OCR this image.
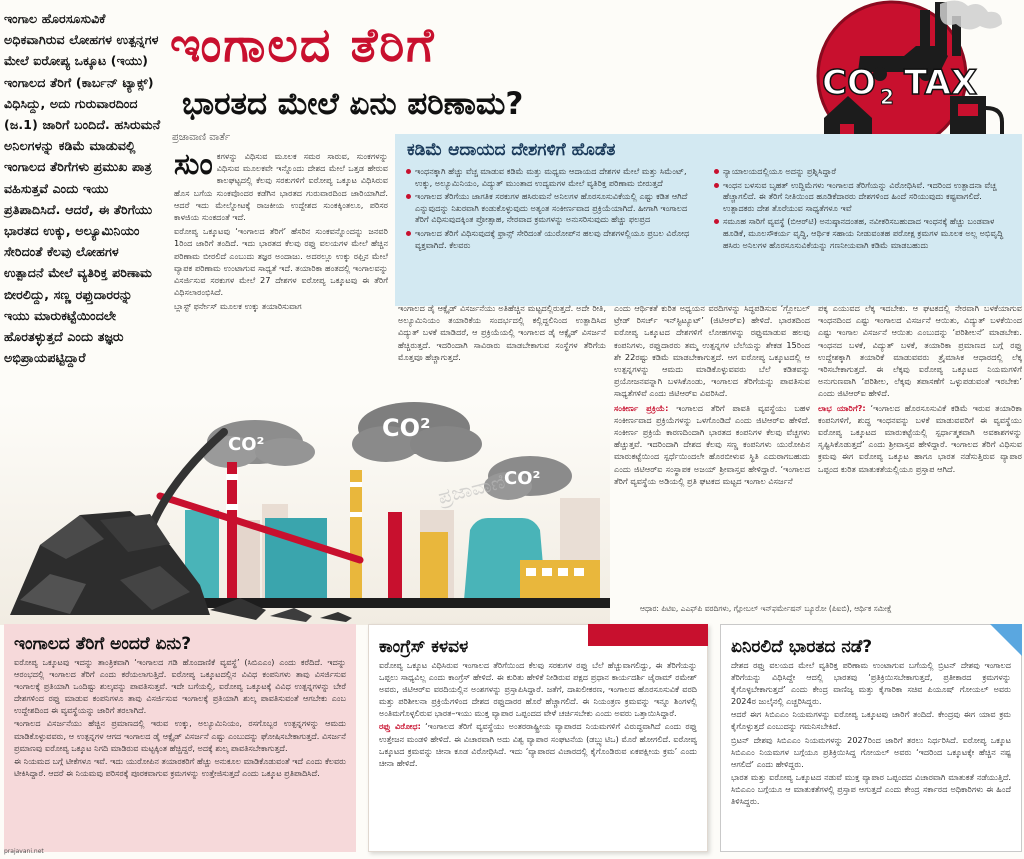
ಇಂಗಾಲ ಹೊರಸೂಸುವಿಕೆ ಅಧಿಕವಾಗಿರುವ ಲೋಹಗಳ ಉತ್ಪನ್ನಗಳ ಮೇಲೆ ಐರೋಪ್ಯ ಒಕ್ಕೂಟ (ಇಯು) ಇಂಗಾಲದ ತೆರಿಗೆ (ಕಾರ್ಬನ್ ಟ್ಯಾಕ್ಸ್) ವಿಧಿಸಿದ್ದು, ಅದು ಗುರುವಾರದಿಂದ (ಜ.1) ಜಾರಿಗೆ ಬಂದಿದೆ. ಹಸಿರುಮನೆ ಅನಿಲಗಳನ್ನು ಕಡಿಮೆ ಮಾಡುವಲ್ಲಿ ಇಂಗಾಲದ ತೆರಿಗೆಗಳು ಪ್ರಮುಖ ಪಾತ್ರ ವಹಿಸುತ್ತವೆ ಎಂದು ಇಯು ಪ್ರತಿಪಾದಿಸಿದೆ. ಆದರೆ, ಈ ತೆರಿಗೆಯು ಭಾರತದ ಉಕ್ಕು, ಅಲ್ಯೂಮಿನಿಯಂ ಸೇರಿದಂತೆ ಕೆಲವು ಲೋಹಗಳ ಉತ್ಪಾದನೆ ಮೇಲೆ ವ್ಯತಿರಿಕ್ತ ಪರಿಣಾಮ ಬೀರಲಿದ್ದು, ಸಣ್ಣ ರಫ್ತುದಾರರನ್ನು ಇಯು ಮಾರುಕಟ್ಟೆಯಿಂದಲೇ ಹೊರತಳ್ಳುತ್ತದೆ ಎಂದು ತಜ್ಞರು ಅಭಿಪ್ರಾಯಪಟ್ಟಿದ್ದಾರೆ

ಇಂಗಾಲದ ತೆರಿಗೆ
ಭಾರತದ ಮೇಲೆ ಏನು ಪರಿಣಾಮ?
CO 2 TAX
ಪ್ರಜಾವಾಣಿ ವಾರ್ತೆ

ಸುಂಕಗಳನ್ನು ವಿಧಿಸುವ ಮೂಲಕ ಸಮರ ಸಾರುವ, ಸುಂಕಗಳನ್ನು ವಿಧಿಸುವ ಮೂಲಕವೇ ಇನ್ನೊಂದು ದೇಶದ ಮೇಲೆ ಒತ್ತಡ ಹೇರುವ ಕಾಲಘಟ್ಟದಲ್ಲಿ ಕೆಲವು ಸರಕುಗಳಿಗೆ ಐರೋಪ್ಯ ಒಕ್ಕೂಟ ವಿಧಿಸಿರುವ ಹೊಸ ಬಗೆಯ ಸುಂಕವೊಂದರ ಕಡೆಗಿನ ಭಾರತದ ಗುರುವಾರದಿಂದ ಜಾರಿಯಾಗಿದೆ. ಆದರೆ ಇದು ಮೇಲ್ನೋಟಕ್ಕೆ ರಾಜಕೀಯ ಉದ್ದೇಶದ ಸುಂಕಕ್ಕಿಂತಲೂ, ಪರಿಸರ ಕಾಳಜಿಯ ಸುಂಕದಂತೆ ಇದೆ.

ಐರೋಪ್ಯ ಒಕ್ಕೂಟವು ‘ಇಂಗಾಲದ ತೆರಿಗೆ’ ಹೆಸರಿನ ಸುಂಕವನ್ನೊಂದನ್ನು ಜನವರಿ 1ರಿಂದ ಜಾರಿಗೆ ತಂದಿದೆ. ಇದು ಭಾರತದ ಕೆಲವು ರಫ್ತು ವಲಯಗಳ ಮೇಲೆ ಹೆಚ್ಚಿನ ಪರಿಣಾಮ ಬೀರಲಿದೆ ಎಂಬುದು ತಜ್ಞರ ಅಂದಾಜು. ಅದರಲ್ಲೂ ಉಕ್ಕು ರಫ್ತಿನ ಮೇಲೆ ವ್ಯಾಪಕ ಪರಿಣಾಮ ಉಂಟಾಗುವ ಸಾಧ್ಯತೆ ಇದೆ. ತಯಾರಿಕಾ ಹಂತದಲ್ಲಿ ಇಂಗಾಲವನ್ನು ವಿಸರ್ಜಿಸುವ ಸರಕುಗಳ ಮೇಲೆ 27 ದೇಶಗಳ ಐರೋಪ್ಯ ಒಕ್ಕೂಟವು ಈ ತೆರಿಗೆ ವಿಧಿಸಲಾರಂಭಿಸಿದೆ.

ಬ್ಲಾಸ್ಟ್ ಫರ್ನೇಸ್ ಮೂಲಕ ಉಕ್ಕು ತಯಾರಿಸುವಾಗ

ಕಡಿಮೆ ಆದಾಯದ ದೇಶಗಳಿಗೆ ಹೊಡೆತ
ಇಂಧನಕ್ಕಾಗಿ ಹೆಚ್ಚು ವೆಚ್ಚ ಮಾಡುವ ಕಡಿಮೆ ಮತ್ತು ಮಧ್ಯಮ ಆದಾಯದ ದೇಶಗಳ ಮೇಲೆ ಮತ್ತು ಸಿಮೆಂಟ್, ಉಕ್ಕು, ಅಲ್ಯೂಮಿನಿಯಂ, ವಿದ್ಯುತ್ ಮುಂತಾದ ಉದ್ಯಮಗಳ ಮೇಲೆ ವ್ಯತಿರಿಕ್ತ ಪರಿಣಾಮ ಬೀರುತ್ತದೆ
ಇಂಗಾಲದ ತೆರಿಗೆಯು ಜಾಗತಿಕ ಸರಕುಗಳ ಹಸಿರುಮನೆ ಅನಿಲಗಳ ಹೊರಸೂಸುವಿಕೆಯಲ್ಲಿ ಎಷ್ಟು ಕಡಿತ ಆಗಿದೆ ಎನ್ನುವುದನ್ನು ನಿಖರವಾಗಿ ಕಂಡುಕೊಳ್ಳುವುದು ಅತ್ಯಂತ ಸಂಕೀರ್ಣವಾದ ಪ್ರಕ್ರಿಯೆಯಾಗಿದೆ. ಹೀಗಾಗಿ ಇಂಗಾಲದ ತೆರಿಗೆ ವಿಧಿಸುವುದಕ್ಕಿಂತ ಪ್ರೋತ್ಸಾಹ, ನೇರವಾದ ಕ್ರಮಗಳನ್ನು ಅನುಸರಿಸುವುದು ಹೆಚ್ಚು ಫಲಪ್ರದ
ಇಂಗಾಲದ ತೆರಿಗೆ ವಿಧಿಸುವುದಕ್ಕೆ ಫ್ರಾನ್ಸ್ ಸೇರಿದಂತೆ ಯುರೋಪ್‌ನ ಹಲವು ದೇಶಗಳಲ್ಲಿಯೂ ಪ್ರಬಲ ವಿರೋಧ ವ್ಯಕ್ತವಾಗಿದೆ. ಕೆಲವರು
ನ್ಯಾಯಾಲಯದಲ್ಲಿಯೂ ಅದನ್ನು ಪ್ರಶ್ನಿಸಿದ್ದಾರೆ
ಇಂಧನ ಬಳಸುವ ಬೃಹತ್ ಉದ್ದಿಮೆಗಳು ಇಂಗಾಲದ ತೆರಿಗೆಯನ್ನು ವಿರೋಧಿಸಿವೆ. ಇದರಿಂದ ಉತ್ಪಾದನಾ ವೆಚ್ಚ ಹೆಚ್ಚಾಗಲಿದೆ. ಈ ತೆರಿಗೆ ನೀತಿಯಿಂದ ಹೂಡಿಕೆದಾರರು ದೇಶಗಳಿಂದ ಹಿಂದೆ ಸರಿಯುವುದು ಕಷ್ಟವಾಗಲಿದೆ. ಉತ್ಪಾದಕರು ದೇಶ ತೊರೆಯುವ ಸಾಧ್ಯತೆಗಳೂ ಇವೆ
ಸಮೂಹ ಸಾರಿಗೆ ವ್ಯವಸ್ಥೆ (ಬಿಆರ್‌ಟಿ) ಅನುಷ್ಠಾನದಂತಹ, ನವೀಕರಿಸಬಹುದಾದ ಇಂಧನಕ್ಕೆ ಹೆಚ್ಚು ಬಂಡವಾಳ ಹೂಡಿಕೆ, ಮೂಲಸೌಕರ್ಯ ವೃದ್ಧಿ, ಆರ್ಥಿಕ ಸಹಾಯ ನೀಡುವಂತಹ ಪರೋಕ್ಷ ಕ್ರಮಗಳ ಮೂಲಕ ಅಲ್ಲ ಅಭಿವೃದ್ಧಿ ಹಸಿರು ಅನಿಲಗಳ ಹೊರಸೂಸುವಿಕೆಯನ್ನು ಗಣನೀಯವಾಗಿ ಕಡಿಮೆ ಮಾಡಬಹುದು

ಇಂಗಾಲದ ಡೈ ಆಕ್ಸೈಡ್ ವಿಸರ್ಜನೆಯು ಅತಿಹೆಚ್ಚಿನ ಮಟ್ಟದಲ್ಲಿರುತ್ತದೆ. ಅದೇ ರೀತಿ, ಅಲ್ಯೂಮಿನಿಯಂ ತಯಾರಿಕೆಯ ಸಂದರ್ಭದಲ್ಲಿ ಕಲ್ಲಿದ್ದಲಿನಿಂದ ಉತ್ಪಾದಿಸಿದ ವಿದ್ಯುತ್ ಬಳಕೆ ಮಾಡಿದರೆ, ಆ ಪ್ರಕ್ರಿಯೆಯಲ್ಲಿ ಇಂಗಾಲದ ಡೈ ಆಕ್ಸೈಡ್ ವಿಸರ್ಜನೆ ಹೆಚ್ಚಿರುತ್ತದೆ. ಇದರಿಂದಾಗಿ ಸಾವಿರಾರು ಮಾಡಬೇಕಾಗುವ ಸಂಸ್ಥೆಗಳ ತೆರಿಗೆಯ ಮೊತ್ತವೂ ಹೆಚ್ಚಾಗುತ್ತದೆ.

ಎಂದು ಆರ್ಥಿಕತೆ ಕುರಿತ ಅಧ್ಯಯನ ವರದಿಗಳನ್ನು ಸಿದ್ಧಪಡಿಸುವ ‘ಗ್ಲೋಬಲ್ ಟ್ರೇಡ್ ರಿಸರ್ಚ್ ಇನ್‌ಸ್ಟಿಟ್ಯೂಟ್’ (ಜಿಟಿಆರ್‌ಐ) ಹೇಳಿದೆ. ಭಾರತದಿಂದ ಐರೋಪ್ಯ ಒಕ್ಕೂಟದ ದೇಶಗಳಿಗೆ ಲೋಹಗಳನ್ನು ರಫ್ತುಮಾಡುವ ಹಲವು ಕಂಪನಿಗಳು, ರಫ್ತುದಾರರು ತಮ್ಮ ಉತ್ಪನ್ನಗಳ ಬೆಲೆಯನ್ನು ಶೇಕಡ 15ರಿಂದ ಶೇ 22ರಷ್ಟು ಕಡಿಮೆ ಮಾಡಬೇಕಾಗುತ್ತದೆ. ಆಗ ಐರೋಪ್ಯ ಒಕ್ಕೂಟದಲ್ಲಿ ಆ ಉತ್ಪನ್ನಗಳನ್ನು ಆಮದು ಮಾಡಿಕೊಳ್ಳುವವರು ಬೆಲೆ ಕಡಿತವನ್ನು ಪ್ರಯೋಜನವನ್ನಾಗಿ ಬಳಸಿಕೊಂಡು, ಇಂಗಾಲದ ತೆರಿಗೆಯನ್ನು ಪಾವತಿಸುವ ಸಾಧ್ಯತೆಗಳಿವೆ ಎಂದು ಜಿಟಿಆರ್‌ಐ ವಿವರಿಸಿದೆ.

ಸಂಕೀರ್ಣ ಪ್ರಕ್ರಿಯೆ: ಇಂಗಾಲದ ತೆರಿಗೆ ಪಾವತಿ ವ್ಯವಸ್ಥೆಯು ಬಹಳ ಸಂಕೀರ್ಣವಾದ ಪ್ರಕ್ರಿಯೆಗಳನ್ನು ಒಳಗೊಂಡಿದೆ ಎಂದು ಜಿಟಿಆರ್‌ಐ ಹೇಳಿದೆ. ಸಂಕೀರ್ಣ ಪ್ರಕ್ರಿಯೆ ಕಾರಣದಿಂದಾಗಿ ಭಾರತದ ಕಂಪನಿಗಳ ಕೆಲವು ವೆಚ್ಚಗಳು ಹೆಚ್ಚುತ್ತವೆ. ಇದರಿಂದಾಗಿ ದೇಶದ ಕೆಲವು ಸಣ್ಣ ಕಂಪನಿಗಳು ಯುರೋಪಿನ ಮಾರುಕಟ್ಟೆಯಿಂದ ಸ್ಪರ್ಧೆಯಿಂದಲೇ ಹೊರಬೀಳುವ ಸ್ಥಿತಿ ಎದುರಾಗಬಹುದು ಎಂದು ಜಿಟಿಆರ್‌ಐ ಸಂಸ್ಥಾಪಕ ಅಜಯ್ ಶ್ರೀವಾಸ್ತವ ಹೇಳಿದ್ದಾರೆ. ‘ಇಂಗಾಲದ ತೆರಿಗೆ ವ್ಯವಸ್ಥೆಯ ಅಡಿಯಲ್ಲಿ ಪ್ರತಿ ಘಟಕದ ಮಟ್ಟದ ಇಂಗಾಲ ವಿಸರ್ಜನೆ

ಪಕ್ಕ ಎಯುವದ ಲೆಕ್ಕ ಇದಬೇಕು. ಆ ಘಟಕದಲ್ಲಿ ನೇರವಾಗಿ ಬಳಕೆಯಾಗುವ ಇಂಧನದಿಂದ ಎಷ್ಟು ಇಂಗಾಲದ ವಿಸರ್ಜನೆ ಆಯಿತು, ವಿದ್ಯುತ್ ಬಳಕೆಯಿಂದ ಎಷ್ಟು ಇಂಗಾಲ ವಿಸರ್ಜನೆ ಆಯಿತು ಎಂಬುದನ್ನು ‘ಪರಿಶೀಲನೆ’ ಮಾಡಬೇಕು. ಇಂಧನದ ಬಳಕೆ, ವಿದ್ಯುತ್ ಬಳಕೆ, ತಯಾರಿಕಾ ಪ್ರಮಾಣದ ಬಗ್ಗೆ ರಫ್ತು ಉದ್ದೇಶಕ್ಕಾಗಿ ತಯಾರಿಕೆ ಮಾಡುವವರು ತ್ರೈಮಾಸಿಕ ಆಧಾರದಲ್ಲಿ ಲೆಕ್ಕ ಇರಿಸಬೇಕಾಗುತ್ತದೆ. ಈ ಲೆಕ್ಕವು ಐರೋಪ್ಯ ಒಕ್ಕೂಟದ ನಿಯಮಗಳಿಗೆ ಅನುಗುಣವಾಗಿ ‘ಪರಿಶೀಲ, ಲೆಕ್ಕವು ತಪಾಸಣೆಗೆ ಒಳ್ಳುಪಡುವಂತೆ ಇರಬೇಕು’ ಎಂದು ಜಿಟಿಆರ್‌ಐ ಹೇಳಿದೆ.

ಲಾಭ ಯಾರಿಗೆ?: ‘ಇಂಗಾಲದ ಹೊರಸೂಸುವಿಕೆ ಕಡಿಮೆ ಇರುವ ತಯಾರಿಕಾ ಕಂಪನಿಗಳಿಗೆ, ಶುದ್ಧ ಇಂಧನವನ್ನು ಬಳಕೆ ಮಾಡುವವರಿಗೆ ಈ ವ್ಯವಸ್ಥೆಯು ಐರೋಪ್ಯ ಒಕ್ಕೂಟದ ಮಾರುಕಟ್ಟೆಯಲ್ಲಿ ಸ್ಪರ್ಧಾತ್ಮಕವಾಗಿ ಅವಕಾಶಗಳನ್ನು ಸೃಷ್ಟಿಸಿಕೊಡುತ್ತದೆ’ ಎಂದು ಶ್ರೀವಾಸ್ತವ ಹೇಳಿದ್ದಾರೆ. ಇಂಗಾಲದ ತೆರಿಗೆ ವಿಧಿಸುವ ಕ್ರಮವು ಈಗ ಐರೋಪ್ಯ ಒಕ್ಕೂಟ ಹಾಗೂ ಭಾರತ ನಡೆಸುತ್ತಿರುವ ವ್ಯಾಪಾರ ಒಪ್ಪಂದ ಕುರಿತ ಮಾತುಕತೆಯಲ್ಲಿಯೂ ಪ್ರಸ್ತಾಪ ಆಗಿದೆ.

CO²
CO²
CO²
ಪ್ರಜಾವಾಣಿ
ಆಧಾರ: ಪಿಟಿಐ, ಎಎಫ್‌ಪಿ ವರದಿಗಳು, ಗ್ಲೋಬಲ್ ಇನ್‌ಫರ್ಮೇಷನ್ ಬ್ಯೂರೋ (ಪಿಐಬಿ), ಆರ್ಥಿಕ ಸಮೀಕ್ಷೆ
ಇಂಗಾಲದ ತೆರಿಗೆ ಅಂದರೆ ಏನು?

ಐರೋಪ್ಯ ಒಕ್ಕೂಟವು ಇದನ್ನು ತಾಂತ್ರಿಕವಾಗಿ ‘ಇಂಗಾಲದ ಗಡಿ ಹೊಂದಾಣಿಕೆ ವ್ಯವಸ್ಥೆ’ (ಸಿಬಿಎಎಂ) ಎಂದು ಕರೆದಿದೆ. ಇದನ್ನು ಆರಂಭದಲ್ಲಿ ಇಂಗಾಲದ ತೆರಿಗೆ ಎಂದು ಕರೆಯಲಾಗುತ್ತಿದೆ. ಐರೋಪ್ಯ ಒಕ್ಕೂಟದಲ್ಲಿನ ವಿವಿಧ ಕಂಪನಿಗಳು ತಾವು ವಿಸರ್ಜಿಸುವ ಇಂಗಾಲಕ್ಕೆ ಪ್ರತಿಯಾಗಿ ಒಂದಿಷ್ಟು ಶುಲ್ಕವನ್ನು ಪಾವತಿಸುತ್ತವೆ. ಇದೇ ಬಗೆಯಲ್ಲಿ, ಐರೋಪ್ಯ ಒಕ್ಕೂಟಕ್ಕೆ ವಿವಿಧ ಉತ್ಪನ್ನಗಳನ್ನು ಬೇರೆ ದೇಶಗಳಿಂದ ರಫ್ತು ಮಾಡುವ ಕಂಪನಿಗಳೂ ತಾವು ವಿಸರ್ಜಿಸುವ ಇಂಗಾಲಕ್ಕೆ ಪ್ರತಿಯಾಗಿ ಶುಲ್ಕ ಪಾವತಿಸುವಂತೆ ಆಗಬೇಕು ಎಂಬ ಉದ್ದೇಶದಿಂದ ಈ ವ್ಯವಸ್ಥೆಯನ್ನು ಜಾರಿಗೆ ತರಲಾಗಿದೆ.

ಇಂಗಾಲದ ವಿಸರ್ಜನೆಯು ಹೆಚ್ಚಿನ ಪ್ರಮಾಣದಲ್ಲಿ ಇರುವ ಉಕ್ಕು, ಅಲ್ಯೂಮಿನಿಯಂ, ರಸಗೊಬ್ಬರ ಉತ್ಪನ್ನಗಳನ್ನು ಆಮದು ಮಾಡಿಕೊಳ್ಳುವವರು, ಆ ಉತ್ಪನ್ನಗಳ ಆಗದ ಇಂಗಾಲದ ಡೈ ಆಕ್ಸೈಡ್ ವಿಸರ್ಜನೆ ಎಷ್ಟು ಎಂಬುದನ್ನು ಘೋಷಿಸಬೇಕಾಗುತ್ತದೆ. ವಿಸರ್ಜನೆ ಪ್ರಮಾಣವು ಐರೋಪ್ಯ ಒಕ್ಕೂಟ ನಿಗದಿ ಮಾಡಿರುವ ಮಟ್ಟಕ್ಕಿಂತ ಹೆಚ್ಚಿದ್ದರೆ, ಅದಕ್ಕೆ ಶುಲ್ಕ ಪಾವತಿಸಬೇಕಾಗುತ್ತದೆ.

ಈ ನಿಯಮದ ಬಗ್ಗೆ ಟೀಕೆಗಳೂ ಇವೆ. ಇದು ಯುರೋಪಿನ ತಯಾರಕರಿಗೆ ಹೆಚ್ಚು ಅನುಕೂಲ ಮಾಡಿಕೊಡುವಂತೆ ಇದೆ ಎಂದು ಕೆಲವರು ಟೀಕಿಸಿದ್ದಾರೆ. ಆದರೆ ಈ ನಿಯಮವು ಪರಿಸರಕ್ಕೆ ಪೂರಕವಾಗುವ ಕ್ರಮಗಳನ್ನು ಉತ್ತೇಜಿಸುತ್ತದೆ ಎಂದು ಒಕ್ಕೂಟ ಪ್ರತಿಪಾದಿಸಿದೆ.

ಕಾಂಗ್ರೆಸ್ ಕಳವಳ

ಐರೋಪ್ಯ ಒಕ್ಕೂಟ ವಿಧಿಸಿರುವ ಇಂಗಾಲದ ತೆರಿಗೆಯಿಂದ ಕೆಲವು ಸರಕುಗಳ ರಫ್ತು ಬೆಲೆ ಹೆಚ್ಚುವಾಗಲಿದ್ದು, ಈ ತೆರಿಗೆಯನ್ನು ಒಪ್ಪಲು ಸಾಧ್ಯವಿಲ್ಲ ಎಂದು ಕಾಂಗ್ರೆಸ್ ಹೇಳಿದೆ. ಈ ಕುರಿತು ಹೇಳಿಕೆ ನೀಡಿರುವ ಪಕ್ಷದ ಪ್ರಧಾನ ಕಾರ್ಯದರ್ಶಿ ಜೈರಾಮ್ ರಮೇಶ್ ಅವರು, ಜಿಟಿಆರ್‌ಐ ವರದಿಯಲ್ಲಿನ ಅಂಶಗಳನ್ನು ಪ್ರಸ್ತಾಪಿಸಿದ್ದಾರೆ. ಜತೆಗೆ, ದಾಖಲೀಕರಣ, ಇಂಗಾಲದ ಹೊರಸೂಸುವಿಕೆ ವರದಿ ಮತ್ತು ಪರಿಶೀಲನಾ ಪ್ರಕ್ರಿಯೆಗಳಿಂದ ದೇಶದ ರಫ್ತುದಾರರ ಹೊರೆ ಹೆಚ್ಚಾಗಲಿದೆ. ಈ ನಿಯಂತ್ರಣ ಕ್ರಮವನ್ನು ಇನ್ನೂ ಶಿಂಗಳಲ್ಲಿ ಅಂತಿಮಗೊಳ್ಳಲಿರುವ ಭಾರತ–ಇಯು ಮುಕ್ತ ವ್ಯಾಪಾರ ಒಪ್ಪಂದದ ವೇಳೆ ಚರ್ಚಿಸಬೇಕು ಎಂದು ಅವರು ಒತ್ತಾಯಿಸಿದ್ದಾರೆ.

ರಫ್ತು ವಿರೋಧ: ‘ಇಂಗಾಲದ ತೆರಿಗೆ ವ್ಯವಸ್ಥೆಯು ಅಂತರರಾಷ್ಟ್ರೀಯ ವ್ಯಾಪಾರದ ನಿಯಮಗಳಿಗೆ ವಿರುದ್ಧವಾಗಿದೆ ಎಂದು ರಫ್ತು ಉತ್ತೇಜನ ಮಂಡಳಿ ಹೇಳಿದೆ. ಈ ವಿಚಾರವಾಗಿ ಅದು ವಿಶ್ವ ವ್ಯಾಪಾರ ಸಂಘಟನೆಯ (ಡಬ್ಲ್ಯುಟಿಒ) ಮೊರೆ ಹೋಗಲಿದೆ. ಐರೋಪ್ಯ ಒಕ್ಕೂಟದ ಕ್ರಮವನ್ನು ಚೀನಾ ಕೂಡ ವಿರೋಧಿಸಿದೆ. ಇದು ‘ವ್ಯಾಪಾರದ ವಿಚಾರದಲ್ಲಿ ಕೈಗೊಂಡಿರುವ ಏಕಪಕ್ಷೀಯ ಕ್ರಮ’ ಎಂದು ಚೀನಾ ಹೇಳಿದೆ.

ಏನಿರಲಿದೆ ಭಾರತದ ನಡೆ?

ದೇಶದ ರಫ್ತು ವಲಯದ ಮೇಲೆ ವ್ಯತಿರಿಕ್ತ ಪರಿಣಾಮ ಉಂಟಾಗುವ ಬಗೆಯಲ್ಲಿ ಬ್ರಿಟನ್ ದೇಶವು ಇಂಗಾಲದ ತೆರಿಗೆಯನ್ನು ವಿಧಿಸಿದ್ದೇ ಆದಲ್ಲಿ ಭಾರತವು ‘ಪ್ರತಿಕ್ರಿಯಿಸಬೇಕಾಗುತ್ತದೆ, ಪ್ರತೀಕಾರದ ಕ್ರಮಗಳನ್ನು ಕೈಗೊಳ್ಳಬೇಕಾಗುತ್ತದೆ’ ಎಂದು ಕೇಂದ್ರ ವಾಣಿಜ್ಯ ಮತ್ತು ಕೈಗಾರಿಕಾ ಸಚಿವ ಪಿಯೂಷ್ ಗೋಯಲ್ ಅವರು 2024ರ ಜುಲೈನಲ್ಲಿ ಎಚ್ಚರಿಸಿದ್ದರು.

ಆದರೆ ಈಗ ಸಿಬಿಎಎಂ ನಿಯಮಗಳನ್ನು ಐರೋಪ್ಯ ಒಕ್ಕೂಟವು ಜಾರಿಗೆ ತಂದಿದೆ. ಕೇಂದ್ರವು ಈಗ ಯಾವ ಕ್ರಮ ಕೈಗೊಳ್ಳುತ್ತದೆ ಎಂಬುದನ್ನು ಗಮನಿಸಬೇಕಿದೆ.

ಬ್ರಿಟನ್ ದೇಶವು ಸಿಬಿಎಎಂ ನಿಯಮಗಳನ್ನು 2027ರಿಂದ ಜಾರಿಗೆ ತರಲು ನಿರ್ಧರಿಸಿದೆ. ಐರೋಪ್ಯ ಒಕ್ಕೂಟ ಸಿಬಿಎಎಂ ನಿಯಮಗಳ ಬಗ್ಗೆಯೂ ಪ್ರತಿಕ್ರಿಯಿಸಿದ್ದ ಗೋಯಲ್ ಅವರು ‘ಇದರಿಂದ ಒಕ್ಕೂಟಕ್ಕೇ ಹೆಚ್ಚಿನ ನಷ್ಟ ಆಗಲಿದೆ’ ಎಂದು ಹೇಳಿದ್ದರು.

ಭಾರತ ಮತ್ತು ಐರೋಪ್ಯ ಒಕ್ಕೂಟದ ನಡುವೆ ಮುಕ್ತ ವ್ಯಾಪಾರ ಒಪ್ಪಂದದ ವಿಚಾರವಾಗಿ ಮಾತುಕತೆ ನಡೆಯುತ್ತಿದೆ. ಸಿಬಿಎಎಂ ಬಗ್ಗೆಯೂ ಆ ಮಾತುಕತೆಗಳಲ್ಲಿ ಪ್ರಸ್ತಾಪ ಆಗುತ್ತದೆ ಎಂದು ಕೇಂದ್ರ ಸರ್ಕಾರದ ಅಧಿಕಾರಿಗಳು ಈ ಹಿಂದೆ ತಿಳಿಸಿದ್ದರು.

prajavani.net
